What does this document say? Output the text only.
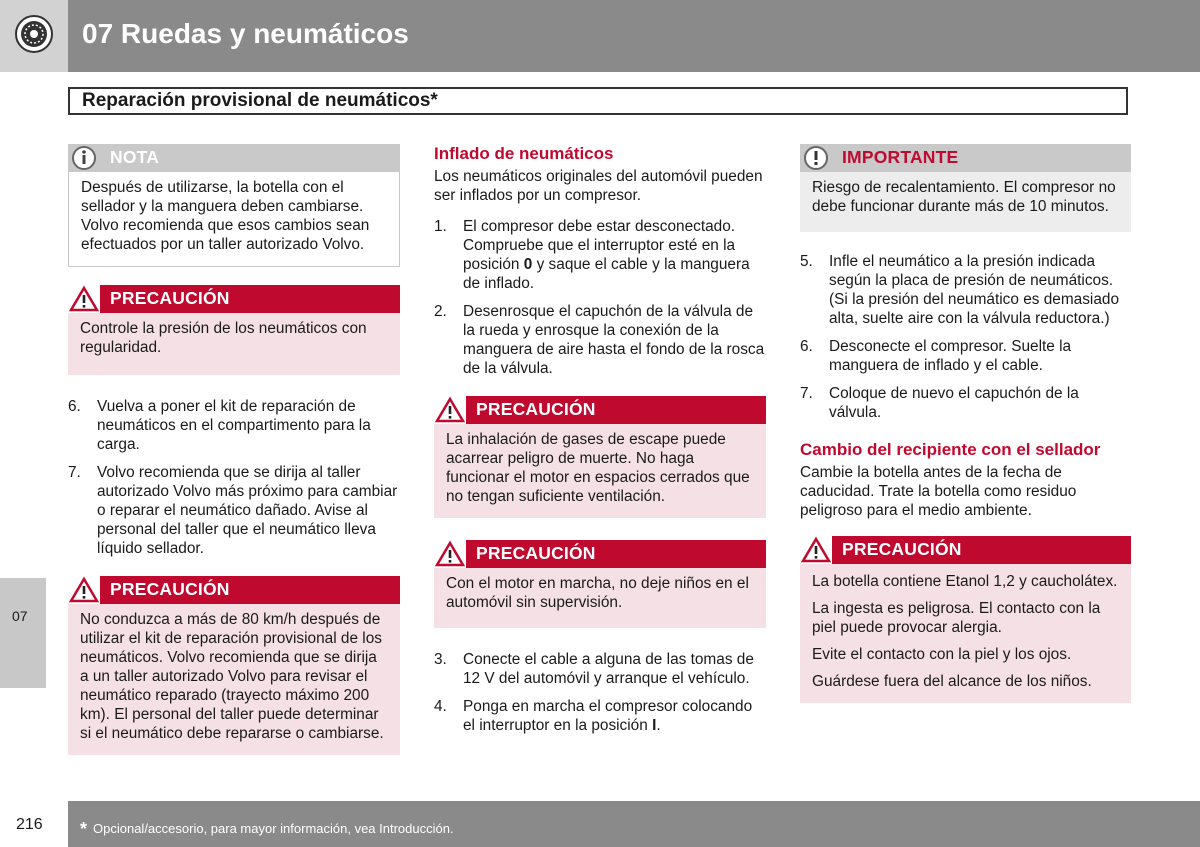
07 Ruedas y neumáticos
Reparación provisional de neumáticos*
NOTA

Después de utilizarse, la botella con el sellador y la manguera deben cambiarse. Volvo recomienda que esos cambios sean efectuados por un taller autorizado Volvo.

PRECAUCIÓN

Controle la presión de los neumáticos con regularidad.

6. Vuelva a poner el kit de reparación de neumáticos en el compartimento para la carga.
7. Volvo recomienda que se dirija al taller autorizado Volvo más próximo para cambiar o reparar el neumático dañado. Avise al personal del taller que el neumático lleva líquido sellador.
PRECAUCIÓN

No conduzca a más de 80 km/h después de utilizar el kit de reparación provisional de los neumáticos. Volvo recomienda que se dirija a un taller autorizado Volvo para revisar el neumático reparado (trayecto máximo 200 km). El personal del taller puede determinar si el neumático debe repararse o cambiarse.

Inflado de neumáticos

Los neumáticos originales del automóvil pueden ser inflados por un compresor.

1. El compresor debe estar desconectado. Compruebe que el interruptor esté en la posición 0 y saque el cable y la manguera de inflado.
2. Desenrosque el capuchón de la válvula de la rueda y enrosque la conexión de la manguera de aire hasta el fondo de la rosca de la válvula.
PRECAUCIÓN

La inhalación de gases de escape puede acarrear peligro de muerte. No haga funcionar el motor en espacios cerrados que no tengan suficiente ventilación.

PRECAUCIÓN

Con el motor en marcha, no deje niños en el automóvil sin supervisión.

3. Conecte el cable a alguna de las tomas de 12 V del automóvil y arranque el vehículo.
4. Ponga en marcha el compresor colocando el interruptor en la posición I.
IMPORTANTE

Riesgo de recalentamiento. El compresor no debe funcionar durante más de 10 minutos.

5. Infle el neumático a la presión indicada según la placa de presión de neumáticos. (Si la presión del neumático es demasiado alta, suelte aire con la válvula reductora.)
6. Desconecte el compresor. Suelte la manguera de inflado y el cable.
7. Coloque de nuevo el capuchón de la válvula.
Cambio del recipiente con el sellador

Cambie la botella antes de la fecha de caducidad. Trate la botella como residuo peligroso para el medio ambiente.

PRECAUCIÓN

La botella contiene Etanol 1,2 y caucholátex.

La ingesta es peligrosa. El contacto con la piel puede provocar alergia.

Evite el contacto con la piel y los ojos.

Guárdese fuera del alcance de los niños.

07
216 * Opcional/accesorio, para mayor información, vea Introducción.
